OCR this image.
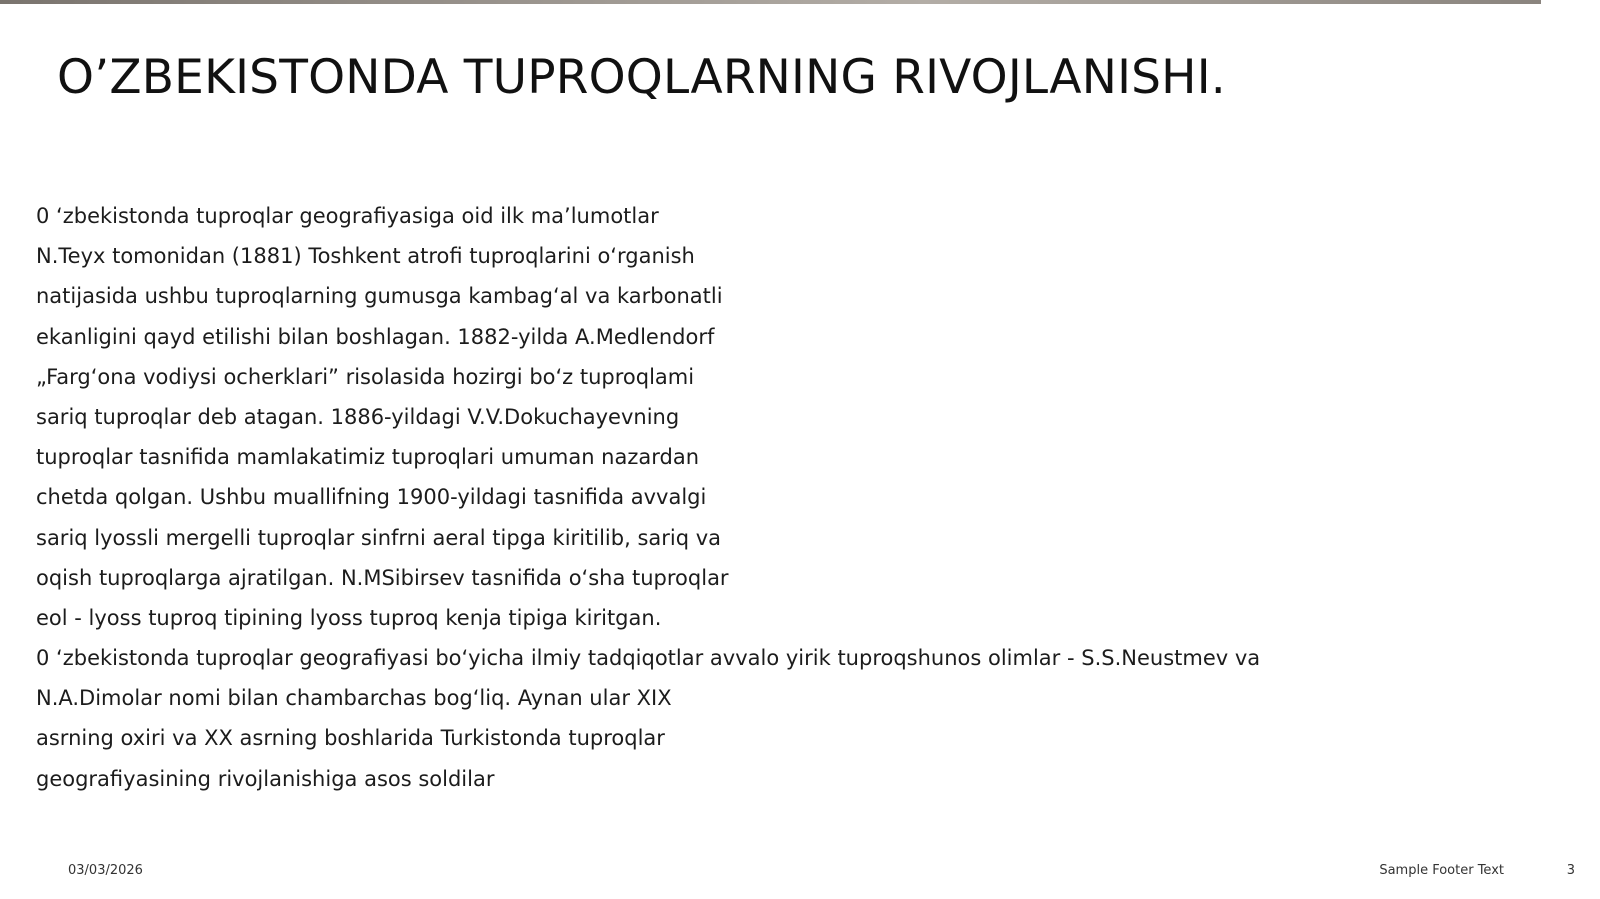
O’ZBEKISTONDA TUPROQLARNING RIVOJLANISHI.
0 ‘zbekistonda tuproqlar geografiyasiga oid ilk ma’lumotlar
N.Teyx tomonidan (1881) Toshkent atrofi tuproqlarini o‘rganish
natijasida ushbu tuproqlarning gumusga kambag‘al va karbonatli
ekanligini qayd etilishi bilan boshlagan. 1882-yilda A.Medlendorf
„Farg‘ona vodiysi ocherklari” risolasida hozirgi bo‘z tuproqlami
sariq tuproqlar deb atagan. 1886-yildagi V.V.Dokuchayevning
tuproqlar tasnifida mamlakatimiz tuproqlari umuman nazardan
chetda qolgan. Ushbu muallifning 1900-yildagi tasnifida avvalgi
sariq lyossli mergelli tuproqlar sinfrni aeral tipga kiritilib, sariq va
oqish tuproqlarga ajratilgan. N.MSibirsev tasnifida o‘sha tuproqlar
eol - lyoss tuproq tipining lyoss tuproq kenja tipiga kiritgan.
0 ‘zbekistonda tuproqlar geografiyasi bo‘yicha ilmiy tadqiqotlar avvalo yirik tuproqshunos olimlar - S.S.Neustmev va
N.A.Dimolar nomi bilan chambarchas bog‘liq. Aynan ular XIX
asrning oxiri va XX asrning boshlarida Turkistonda tuproqlar
geografiyasining rivojlanishiga asos soldilar
03/03/2026	Sample Footer Text	3
